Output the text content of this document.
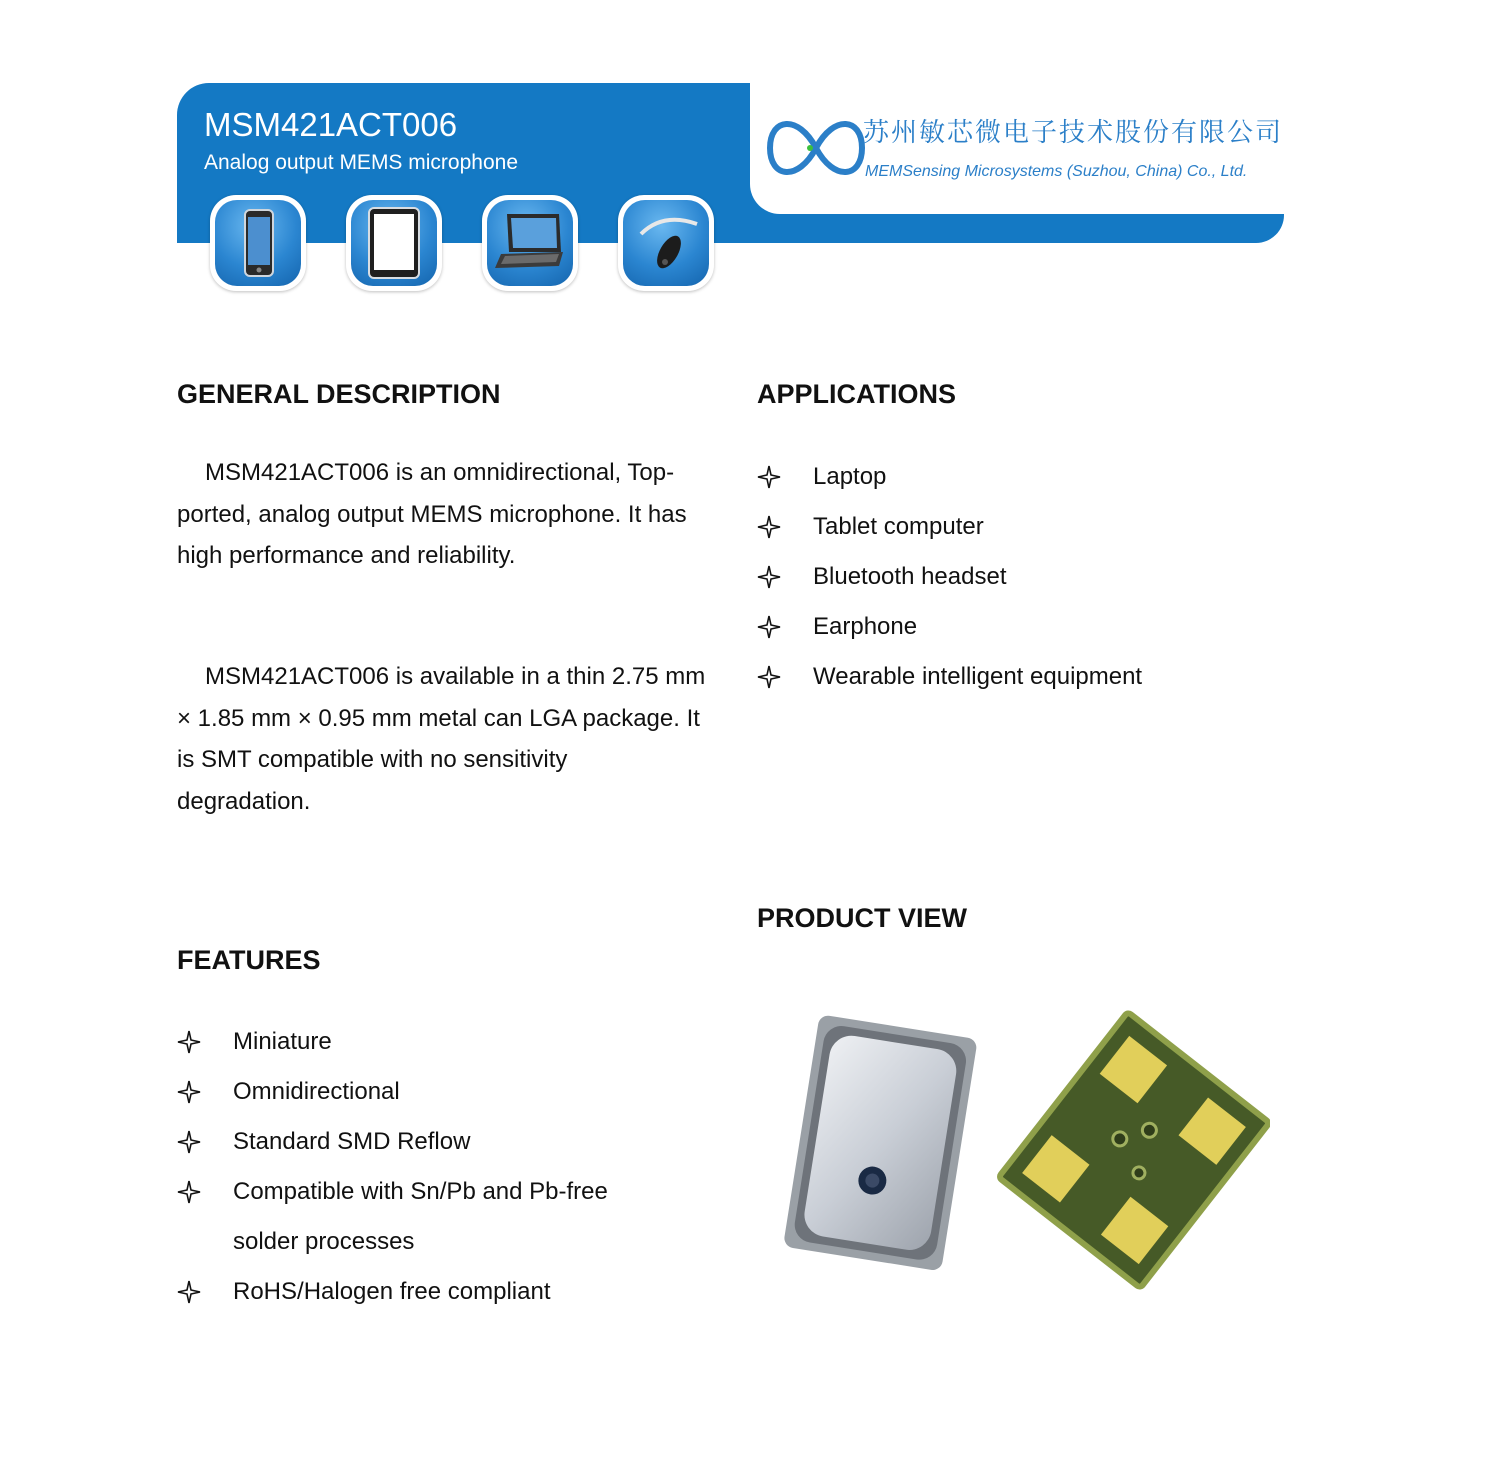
MSM421ACT006
Analog output MEMS microphone
苏州敏芯微电子技术股份有限公司
MEMSensing Microsystems (Suzhou, China) Co., Ltd.
GENERAL DESCRIPTION
MSM421ACT006 is an omnidirectional, Top-ported, analog output MEMS microphone. It has high performance and reliability.
MSM421ACT006 is available in a thin 2.75 mm × 1.85 mm × 0.95 mm metal can LGA package. It is SMT compatible with no sensitivity degradation.
APPLICATIONS
Laptop
Tablet computer
Bluetooth headset
Earphone
Wearable intelligent equipment
FEATURES
Miniature
Omnidirectional
Standard SMD Reflow
Compatible with Sn/Pb and Pb-free solder processes
RoHS/Halogen free compliant
PRODUCT VIEW
